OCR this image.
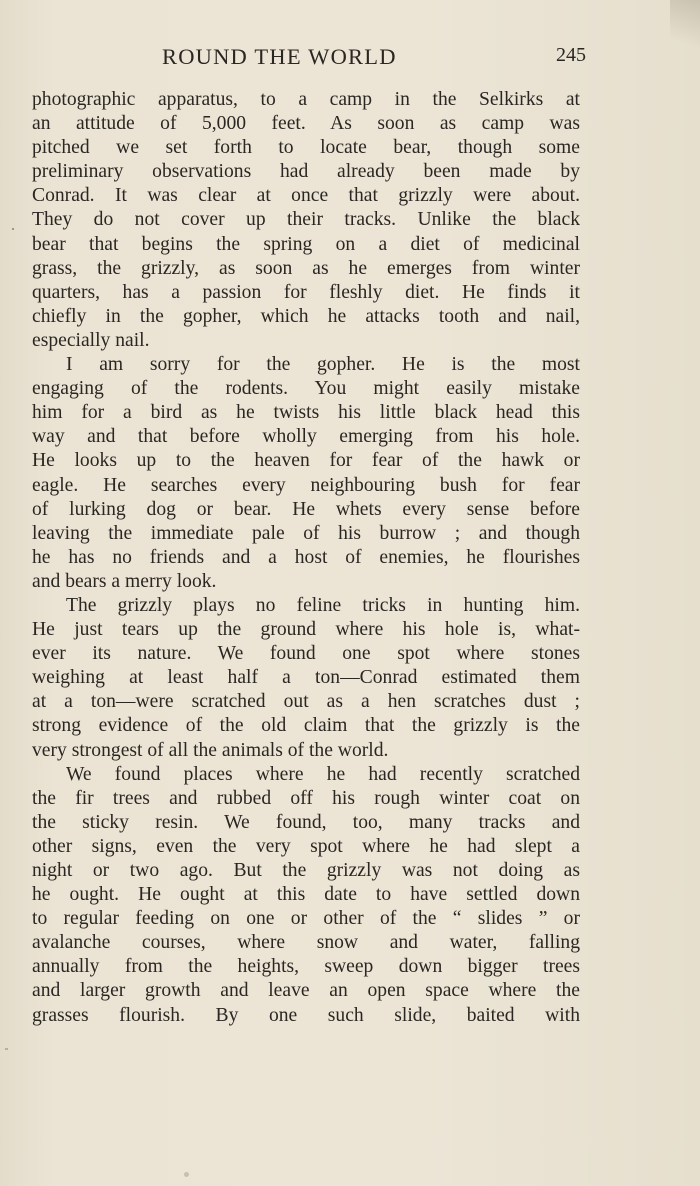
ROUND THE WORLD	245
photographic apparatus, to a camp in the Selkirks at
an attitude of 5,000 feet. As soon as camp was
pitched we set forth to locate bear, though some
preliminary observations had already been made by
Conrad. It was clear at once that grizzly were about.
They do not cover up their tracks. Unlike the black
bear that begins the spring on a diet of medicinal
grass, the grizzly, as soon as he emerges from winter
quarters, has a passion for fleshly diet. He finds it
chiefly in the gopher, which he attacks tooth and nail,
especially nail.
I am sorry for the gopher. He is the most
engaging of the rodents. You might easily mistake
him for a bird as he twists his little black head this
way and that before wholly emerging from his hole.
He looks up to the heaven for fear of the hawk or
eagle. He searches every neighbouring bush for fear
of lurking dog or bear. He whets every sense before
leaving the immediate pale of his burrow ; and though
he has no friends and a host of enemies, he flourishes
and bears a merry look.
The grizzly plays no feline tricks in hunting him.
He just tears up the ground where his hole is, what-
ever its nature. We found one spot where stones
weighing at least half a ton—Conrad estimated them
at a ton—were scratched out as a hen scratches dust ;
strong evidence of the old claim that the grizzly is the
very strongest of all the animals of the world.
We found places where he had recently scratched
the fir trees and rubbed off his rough winter coat on
the sticky resin. We found, too, many tracks and
other signs, even the very spot where he had slept a
night or two ago. But the grizzly was not doing as
he ought. He ought at this date to have settled down
to regular feeding on one or other of the “ slides ” or
avalanche courses, where snow and water, falling
annually from the heights, sweep down bigger trees
and larger growth and leave an open space where the
grasses flourish. By one such slide, baited with
